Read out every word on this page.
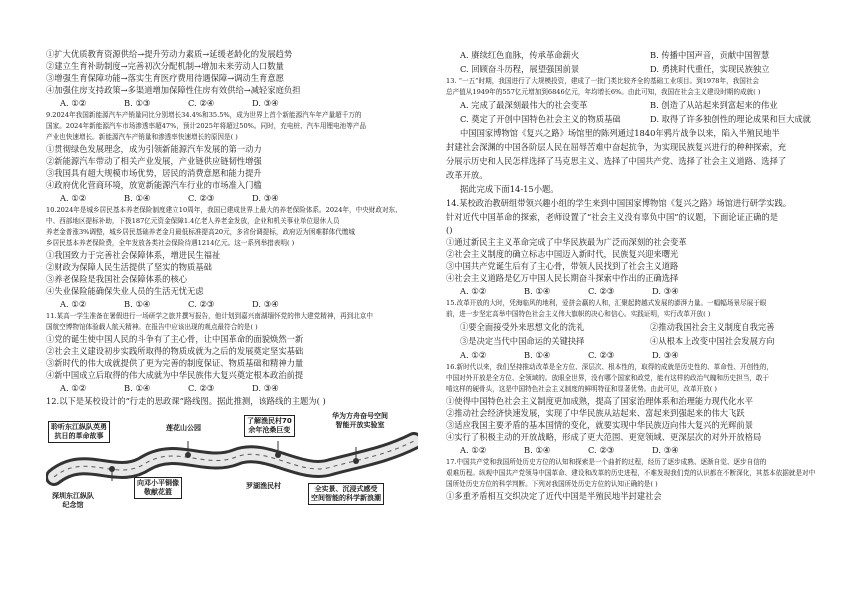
①扩大优质教育资源供给→提升劳动力素质→延缓老龄化的发展趋势
②建立生育补助制度→完善初次分配机制→增加未来劳动人口数量
③增强生育保障功能→落实生育医疗费用待遇保障→调动生育意愿
④加强住房支持政策→多渠道增加保障性住房有效供给→减轻家庭负担
A. ①②	B. ①③	C. ②④	D. ③④
9.2024年我国新能源汽车产销量同比分别增长34.4%和35.5%，成为世界上首个新能源汽车年产量超千万的
国家。2024年新能源汽车市场渗透率超47%，预计2025年将超过50%。同时，充电桩、汽车用锂电池等产品
产业也快速增长。新能源汽车产销量和渗透率快速增长的原因是( )
①贯彻绿色发展理念，成为引领新能源汽车发展的第一动力
②新能源汽车带动了相关产业发展，产业链供应链韧性增强
③我国具有超大规模市场优势，居民的消费意愿和能力提升
④政府优化营商环境，放宽新能源汽车行业的市场准入门槛
A. ①②	B. ①④	C. ②③	D. ③④
10.2024年是城乡居民基本养老保险制度建立10周年，我国已建成世界上最大的养老保险体系。2024年，中央财政对东、
中、西部地区提标补助，下拨187亿元资金保障1.4亿老人养老金发放，企业和机关事业单位退休人员
养老金普涨3%调整，城乡居民基础养老金月最低标准提高20元，多省份调提标，政府迈为困难群体代缴城
乡居民基本养老保险费，全年发放各类社会保险待遇1214亿元。这一系列举措表明( )
①我国致力于完善社会保障体系，增进民生福祉
②财政为保障人民生活提供了坚实的物质基础
③养老保险是我国社会保障体系的核心
④失业保险能确保失业人员的生活无忧无虑
A. ①②	B. ①④	C. ②③	D. ③④
11.某高一学生准备在暑假进行一场研学之旅并撰写报告，他计划到嘉兴南湖缅怀党的伟大建党精神，再到北京中
国航空博物馆体验载人航天精神。在报告中应该出现的观点最符合的是( )
①党的诞生使中国人民的斗争有了主心骨，让中国革命的面貌焕然一新
②社会主义建设初步实践所取得的物质成就为之后的发展奠定坚实基础
③新时代的伟大成就提供了更为完善的制度保证、物质基础和精神力量
④新中国成立后取得的伟大成就为中华民族伟大复兴奠定根本政治前提
A. ①②	B. ①④	C. ②③	D. ③④
12.以下是某校设计的“行走的思政课”路线图。据此推测，该路线的主题为( )
聆听东江纵队英勇
抗日的革命故事
莲花山公园
了解渔民村70
余年沧桑巨变
华为方舟奋号空间
智能开放实验室
向邓小平铜像
敬献花篮
罗湖渔民村	全实景、沉浸式感受
空间智能的科学新浪潮
深圳东江纵队
纪念馆
A. 赓续红色血脉，传承革命薪火	B. 传播中国声音，贡献中国智慧
C. 回顾奋斗历程，展望强国前景	D. 勇挑时代重任，实现民族独立
13. “一五”时期，我国进行了大规模投资，建成了一批门类比较齐全的基础工业项目。到1978年，我国社会
总产值从1949年的557亿元增加到6846亿元，年均增长6%。由此可知，我国在社会主义建设时期的成就( )
A. 完成了最深刻最伟大的社会变革	B. 创造了从站起来到富起来的伟业
C. 奠定了开创中国特色社会主义的物质基础	D. 取得了许多独创性的理论成果和巨大成就
中国国家博物馆《复兴之路》场馆里的陈列通过1840年鸦片战争以来，陷入半殖民地半
封建社会深渊的中国各阶层人民在屈辱苦难中奋起抗争，为实现民族复兴进行的种种探索，充
分展示历史和人民怎样选择了马克思主义、选择了中国共产党、选择了社会主义道路、选择了
改革开放。
据此完成下面14-15小题。
14.某校政治教研组带领兴趣小组的学生来到中国国家博物馆《复兴之路》场馆进行研学实践。
针对近代中国革命的探索，老师设置了“社会主义没有辜负中国”的议题，下面论证正确的是
()
①通过新民主主义革命完成了中华民族最为广泛而深刻的社会变革
②社会主义制度的确立标志中国迈入新时代，民族复兴迎来曙光
③中国共产党诞生后有了主心骨，带领人民找到了社会主义道路
④社会主义道路是亿万中国人民长期奋斗探索中作出的正确选择
A. ①②	B. ①④	C. ②③	D. ③④
15.改革开放的大时，凭海临风的地利，爱拼会赢的人和，汇聚起跨越式发展的澎湃力量。一幅幅场景尽展于眼
前，进一步坚定高举中国特色社会主义伟大旗帜的决心和信心。实践证明，实行改革开放( )
①要全面接受外来思想文化的洗礼	②推动我国社会主义制度自我完善
③是决定当代中国命运的关键抉择	④从根本上改变中国社会发展方向
A. ①②	B. ①④	C. ②③	D. ③④
16.新时代以来，我们坚持推动改革是全方位、深层次、根本性的，取得的成就是历史性的、革命性、开创性的，
中国对外开放是全方位、全领域的。放眼全世界，没有哪个国家和政党，能有这样的政治气魄和历史担当，敢于
啃这样的硬骨头，这是中国特色社会主义制度的鲜明特征和显著优势。由此可见，改革开放( )
①使得中国特色社会主义制度更加成熟，提高了国家治理体系和治理能力现代化水平
②推动社会经济快速发展，实现了中华民族从站起来、富起来到强起来的伟大飞跃
③适应我国主要矛盾的基本国情的变化，就要实现中华民族迈向伟大复兴的光辉前景
④实行了积极主动的开放战略，形成了更大范围、更宽领域、更深层次的对外开放格局
A. ①②	B. ①④	C. ②③	D. ③④
17.中国共产党和我国所处历史方位的认知和探索是一个曲折的过程，经历了逐步成熟、逐渐自觉、逐步自信的
艰难历程。纵观中国共产党领导中国革命、建设和改革的历史进程，不难发现我们党的认识都在不断深化，其基本依据就是对中
国所处历史方位的科学判断。下列对我国所处历史方位的认知正确的是( )
①多重矛盾相互交织决定了近代中国是半殖民地半封建社会
